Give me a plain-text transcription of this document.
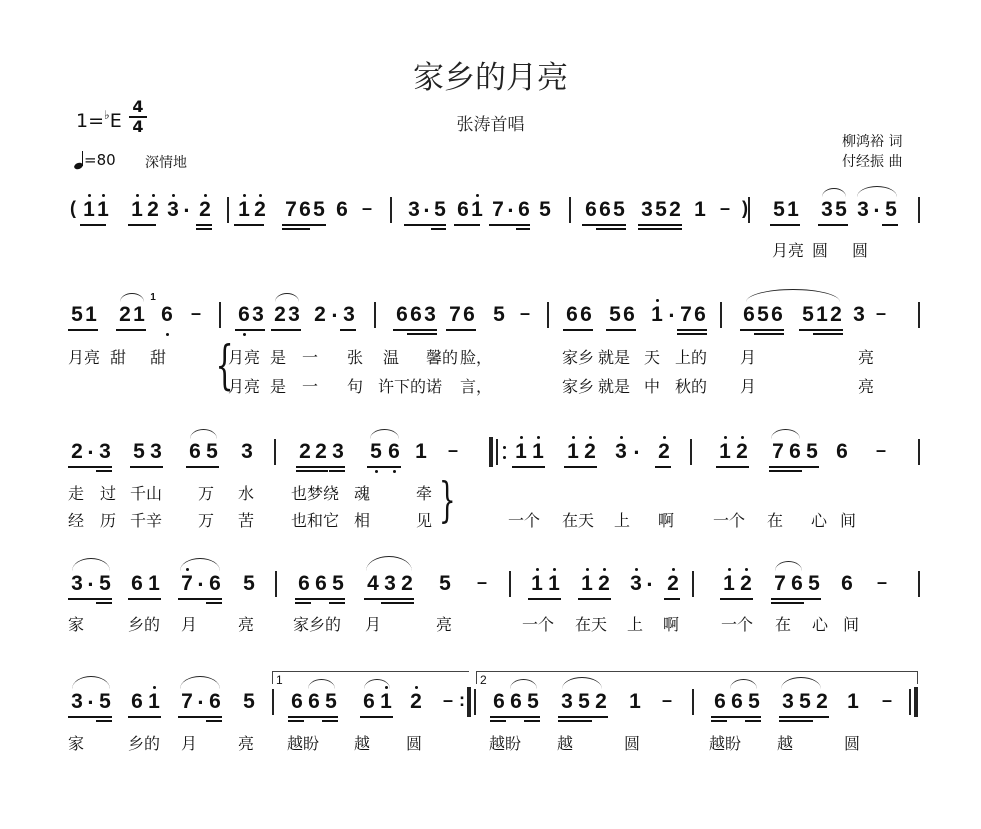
家乡的月亮
张涛首唱
1=♭E
4
4
=80 深情地
柳鸿裕 词
付经振 曲
( 1 1 1 2 3 · 2 1 2 7 6 5 6 – 3 · 5 6 1 7 · 6 5 6 6 5 3 5 2 1 – ) 5 1 3 5 3 · 5
5 1 2 1 6 – 6 3 2 3 2 · 3 6 6 3 7 6 5 – 6 6 5 6 1 · 7 6 6 5 6 5 1 2 3 –
1
2 · 3 5 3 6 5 3 2 2 3 5 6 1 –	1 1 1 2 3 · 2 1 2 7 6 5 6 –
3 · 5 6 1 7 · 6 5 6 6 5 4 3 2 5 – 1 1 1 2 3 · 2 1 2 7 6 5 6 –
3 · 5 6 1 7 · 6 5 6 6 5 6 1 2 – 6 6 5 3 5 2 1 – 6 6 5 3 5 2 1 –
:
1	2
月亮 圆 圆
月亮 甜 甜	月亮 是 一 张 温 馨的 脸，	家乡 就是 天 上的 月	亮
月亮 是 一 句 许下的 诺 言，	家乡 就是 中 秋的 月	亮
{
走 过 千山 万 水 也梦绕 魂	牵
经 历 千辛 万 苦 也和它 相	见	一个 在天 上 啊 一个 在 心 间
}
家	乡的 月	亮 家乡的 月	亮	一个 在天 上 啊	一个 在 心 间
家	乡的 月	亮 越盼 越 圆	越盼 越	圆	越盼 越	圆
